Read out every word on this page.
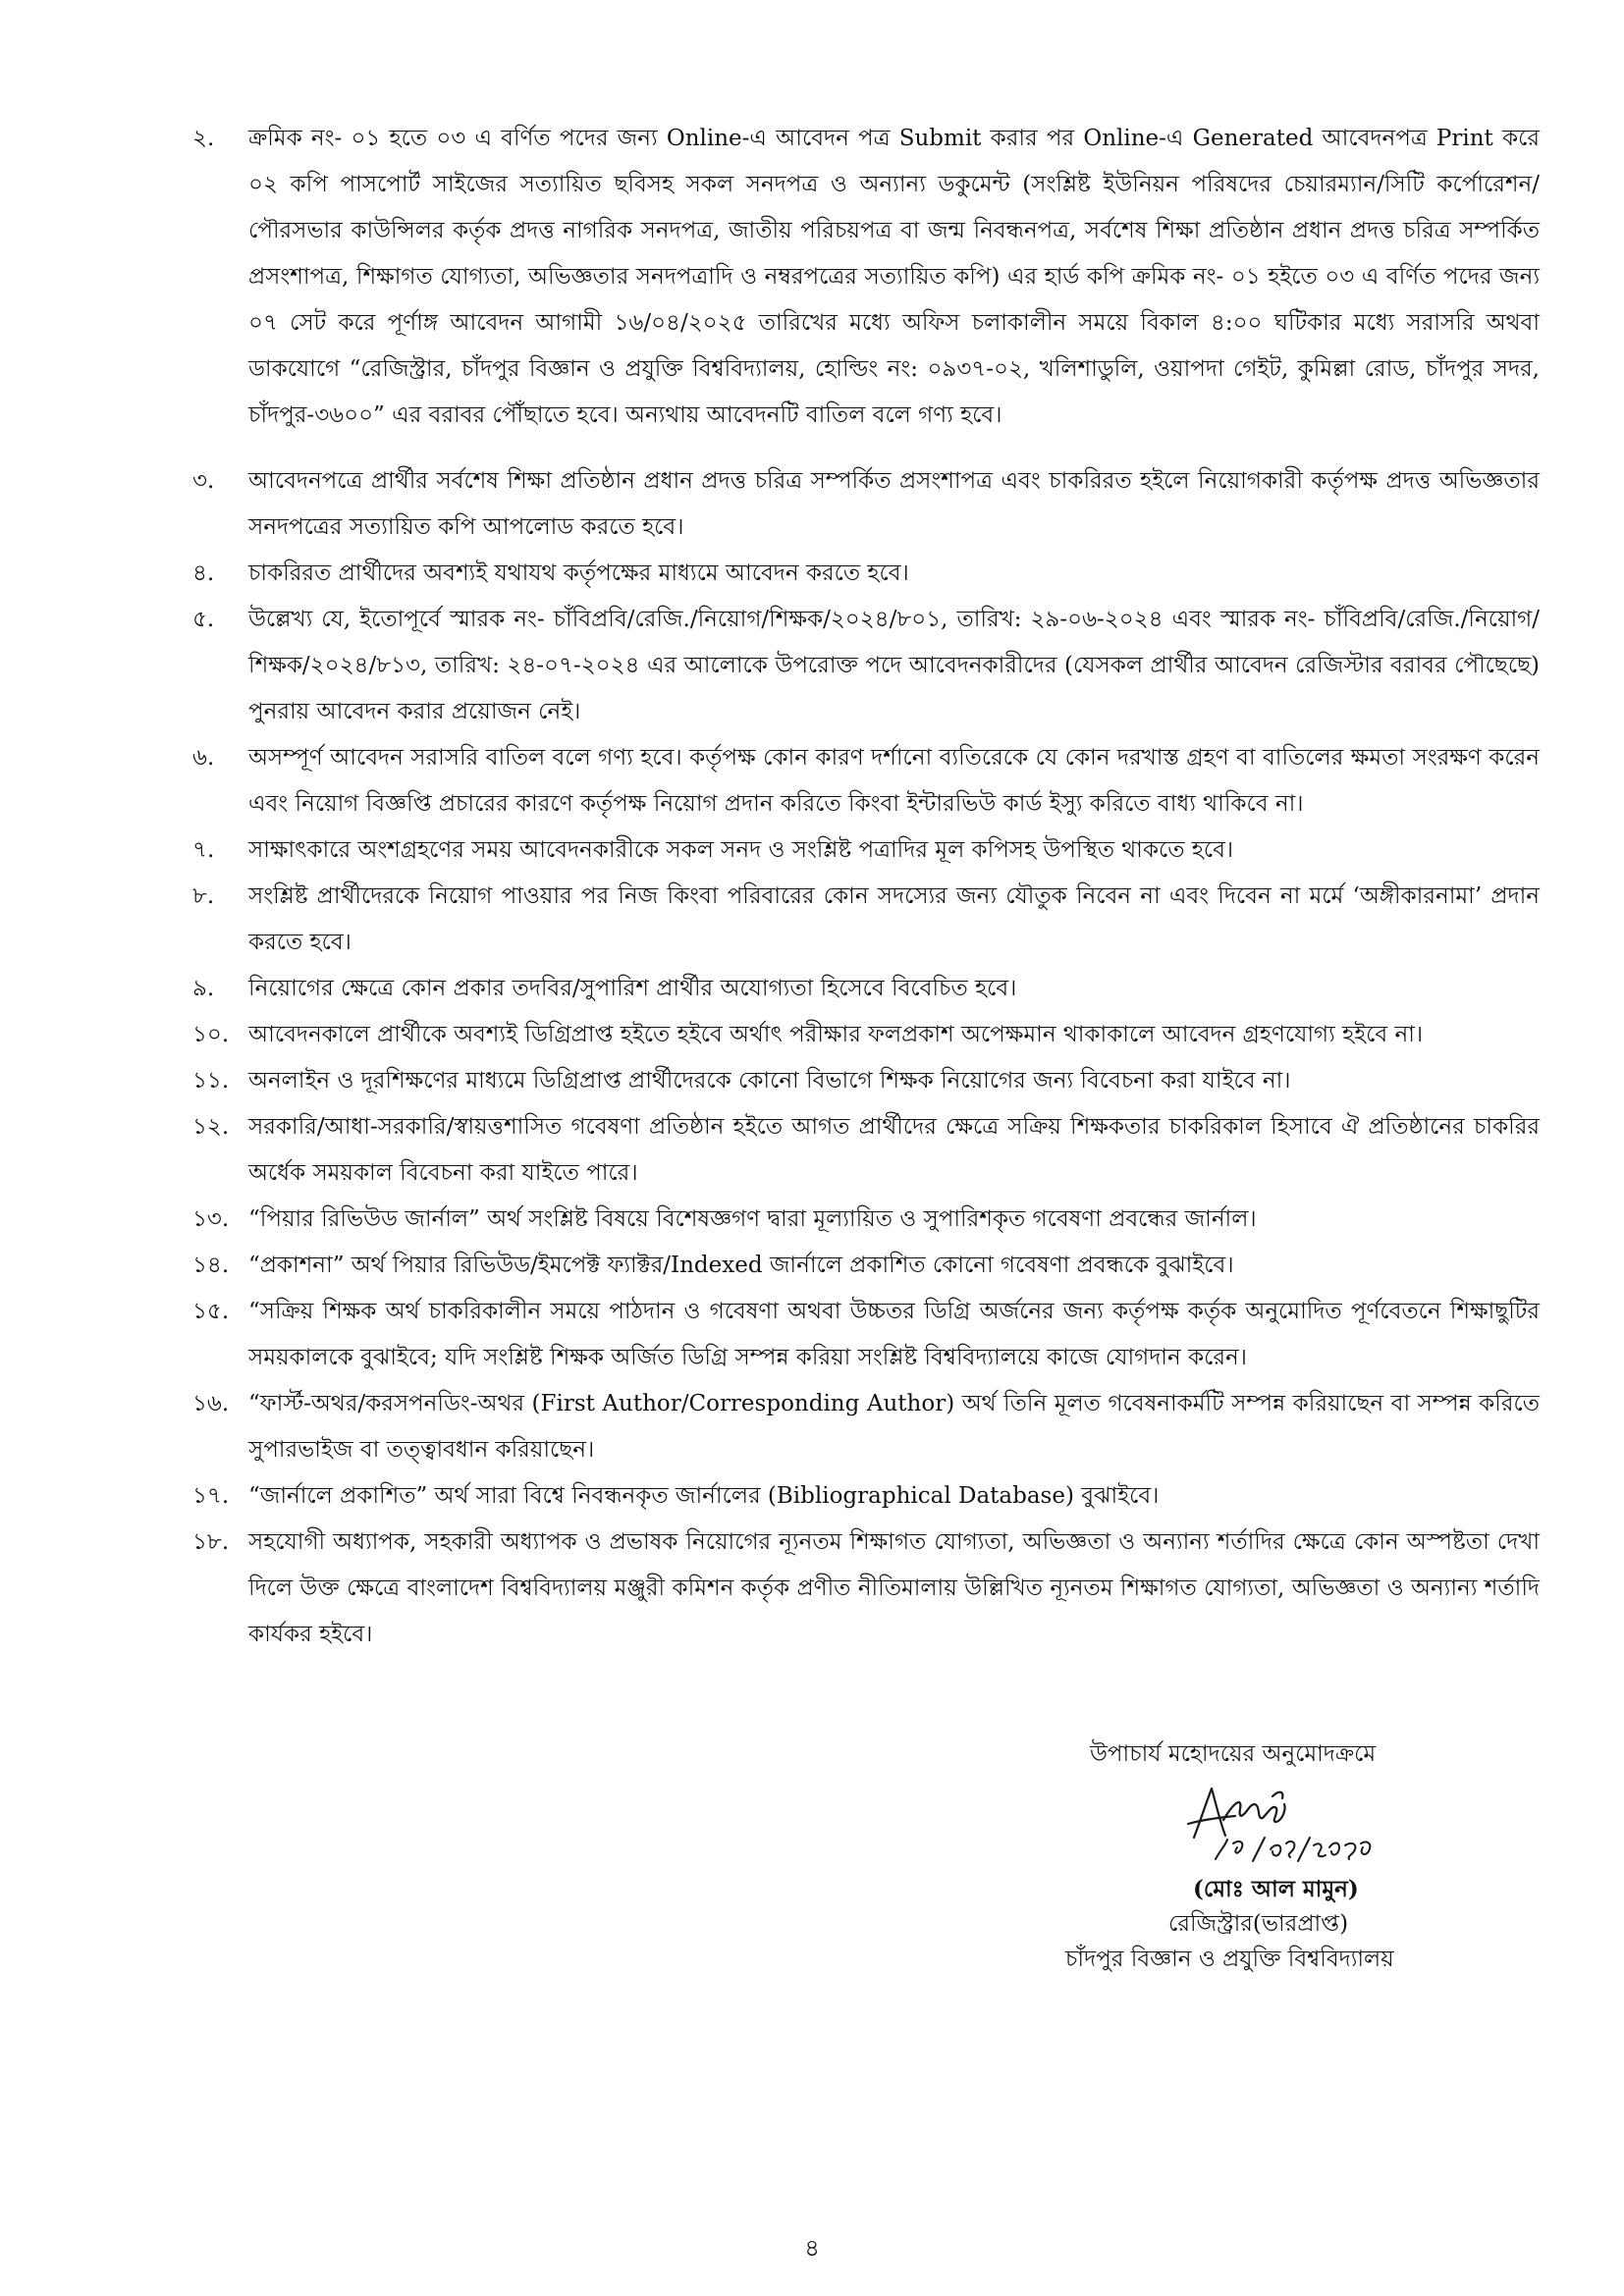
২. ক্রমিক নং- ০১ হতে ০৩ এ বর্ণিত পদের জন্য Online-এ আবেদন পত্র Submit করার পর Online-এ Generated আবেদনপত্র Print করে ০২ কপি পাসপোর্ট সাইজের সত্যায়িত ছবিসহ সকল সনদপত্র ও অন্যান্য ডকুমেন্ট (সংশ্লিষ্ট ইউনিয়ন পরিষদের চেয়ারম্যান/সিটি কর্পোরেশন/পৌরসভার কাউন্সিলর কর্তৃক প্রদত্ত নাগরিক সনদপত্র, জাতীয় পরিচয়পত্র বা জন্ম নিবন্ধনপত্র, সর্বশেষ শিক্ষা প্রতিষ্ঠান প্রধান প্রদত্ত চরিত্র সম্পর্কিত প্রসংশাপত্র, শিক্ষাগত যোগ্যতা, অভিজ্ঞতার সনদপত্রাদি ও নম্বরপত্রের সত্যায়িত কপি) এর হার্ড কপি ক্রমিক নং- ০১ হইতে ০৩ এ বর্ণিত পদের জন্য ০৭ সেট করে পূর্ণাঙ্গ আবেদন আগামী ১৬/০৪/২০২৫ তারিখের মধ্যে অফিস চলাকালীন সময়ে বিকাল ৪:০০ ঘটিকার মধ্যে সরাসরি অথবা ডাকযোগে “রেজিস্ট্রার, চাঁদপুর বিজ্ঞান ও প্রযুক্তি বিশ্ববিদ্যালয়, হোল্ডিং নং: ০৯৩৭-০২, খলিশাডুলি, ওয়াপদা গেইট, কুমিল্লা রোড, চাঁদপুর সদর, চাঁদপুর-৩৬০০” এর বরাবর পৌঁছাতে হবে। অন্যথায় আবেদনটি বাতিল বলে গণ্য হবে।
৩. আবেদনপত্রে প্রার্থীর সর্বশেষ শিক্ষা প্রতিষ্ঠান প্রধান প্রদত্ত চরিত্র সম্পর্কিত প্রসংশাপত্র এবং চাকরিরত হইলে নিয়োগকারী কর্তৃপক্ষ প্রদত্ত অভিজ্ঞতার সনদপত্রের সত্যায়িত কপি আপলোড করতে হবে।
৪. চাকরিরত প্রার্থীদের অবশ্যই যথাযথ কর্তৃপক্ষের মাধ্যমে আবেদন করতে হবে।
৫. উল্লেখ্য যে, ইতোপূর্বে স্মারক নং- চাঁবিপ্রবি/রেজি./নিয়োগ/শিক্ষক/২০২৪/৮০১, তারিখ: ২৯-০৬-২০২৪ এবং স্মারক নং- চাঁবিপ্রবি/রেজি./নিয়োগ/শিক্ষক/২০২৪/৮১৩, তারিখ: ২৪-০৭-২০২৪ এর আলোকে উপরোক্ত পদে আবেদনকারীদের (যেসকল প্রার্থীর আবেদন রেজিস্টার বরাবর পৌছেছে) পুনরায় আবেদন করার প্রয়োজন নেই।
৬. অসম্পূর্ণ আবেদন সরাসরি বাতিল বলে গণ্য হবে। কর্তৃপক্ষ কোন কারণ দর্শানো ব্যতিরেকে যে কোন দরখাস্ত গ্রহণ বা বাতিলের ক্ষমতা সংরক্ষণ করেন এবং নিয়োগ বিজ্ঞপ্তি প্রচারের কারণে কর্তৃপক্ষ নিয়োগ প্রদান করিতে কিংবা ইন্টারভিউ কার্ড ইস্যু করিতে বাধ্য থাকিবে না।
৭. সাক্ষাৎকারে অংশগ্রহণের সময় আবেদনকারীকে সকল সনদ ও সংশ্লিষ্ট পত্রাদির মূল কপিসহ উপস্থিত থাকতে হবে।
৮. সংশ্লিষ্ট প্রার্থীদেরকে নিয়োগ পাওয়ার পর নিজ কিংবা পরিবারের কোন সদস্যের জন্য যৌতুক নিবেন না এবং দিবেন না মর্মে ‘অঙ্গীকারনামা’ প্রদান করতে হবে।
৯. নিয়োগের ক্ষেত্রে কোন প্রকার তদবির/সুপারিশ প্রার্থীর অযোগ্যতা হিসেবে বিবেচিত হবে।
১০. আবেদনকালে প্রার্থীকে অবশ্যই ডিগ্রিপ্রাপ্ত হইতে হইবে অর্থাৎ পরীক্ষার ফলপ্রকাশ অপেক্ষমান থাকাকালে আবেদন গ্রহণযোগ্য হইবে না।
১১. অনলাইন ও দূরশিক্ষণের মাধ্যমে ডিগ্রিপ্রাপ্ত প্রার্থীদেরকে কোনো বিভাগে শিক্ষক নিয়োগের জন্য বিবেচনা করা যাইবে না।
১২. সরকারি/আধা-সরকারি/স্বায়ত্তশাসিত গবেষণা প্রতিষ্ঠান হইতে আগত প্রার্থীদের ক্ষেত্রে সক্রিয় শিক্ষকতার চাকরিকাল হিসাবে ঐ প্রতিষ্ঠানের চাকরির অর্ধেক সময়কাল বিবেচনা করা যাইতে পারে।
১৩. “পিয়ার রিভিউড জার্নাল” অর্থ সংশ্লিষ্ট বিষয়ে বিশেষজ্ঞগণ দ্বারা মূল্যায়িত ও সুপারিশকৃত গবেষণা প্রবন্ধের জার্নাল।
১৪. “প্রকাশনা” অর্থ পিয়ার রিভিউড/ইমপেক্ট ফ্যাক্টর/Indexed জার্নালে প্রকাশিত কোনো গবেষণা প্রবন্ধকে বুঝাইবে।
১৫. “সক্রিয় শিক্ষক অর্থ চাকরিকালীন সময়ে পাঠদান ও গবেষণা অথবা উচ্চতর ডিগ্রি অর্জনের জন্য কর্তৃপক্ষ কর্তৃক অনুমোদিত পূর্ণবেতনে শিক্ষাছুটির সময়কালকে বুঝাইবে; যদি সংশ্লিষ্ট শিক্ষক অর্জিত ডিগ্রি সম্পন্ন করিয়া সংশ্লিষ্ট বিশ্ববিদ্যালয়ে কাজে যোগদান করেন।
১৬. “ফার্স্ট-অথর/করসপনডিং-অথর (First Author/Corresponding Author) অর্থ তিনি মূলত গবেষনাকর্মটি সম্পন্ন করিয়াছেন বা সম্পন্ন করিতে সুপারভাইজ বা তত্ত্বাবধান করিয়াছেন।
১৭. “জার্নালে প্রকাশিত” অর্থ সারা বিশ্বে নিবন্ধনকৃত জার্নালের (Bibliographical Database) বুঝাইবে।
১৮. সহযোগী অধ্যাপক, সহকারী অধ্যাপক ও প্রভাষক নিয়োগের ন্যূনতম শিক্ষাগত যোগ্যতা, অভিজ্ঞতা ও অন্যান্য শর্তাদির ক্ষেত্রে কোন অস্পষ্টতা দেখা দিলে উক্ত ক্ষেত্রে বাংলাদেশ বিশ্ববিদ্যালয় মঞ্জুরী কমিশন কর্তৃক প্রণীত নীতিমালায় উল্লিখিত ন্যূনতম শিক্ষাগত যোগ্যতা, অভিজ্ঞতা ও অন্যান্য শর্তাদি কার্যকর হইবে।
উপাচার্য মহোদয়ের অনুমোদক্রমে
(মোঃ আল মামুন)
রেজিস্ট্রার(ভারপ্রাপ্ত)
চাঁদপুর বিজ্ঞান ও প্রযুক্তি বিশ্ববিদ্যালয়
৪
